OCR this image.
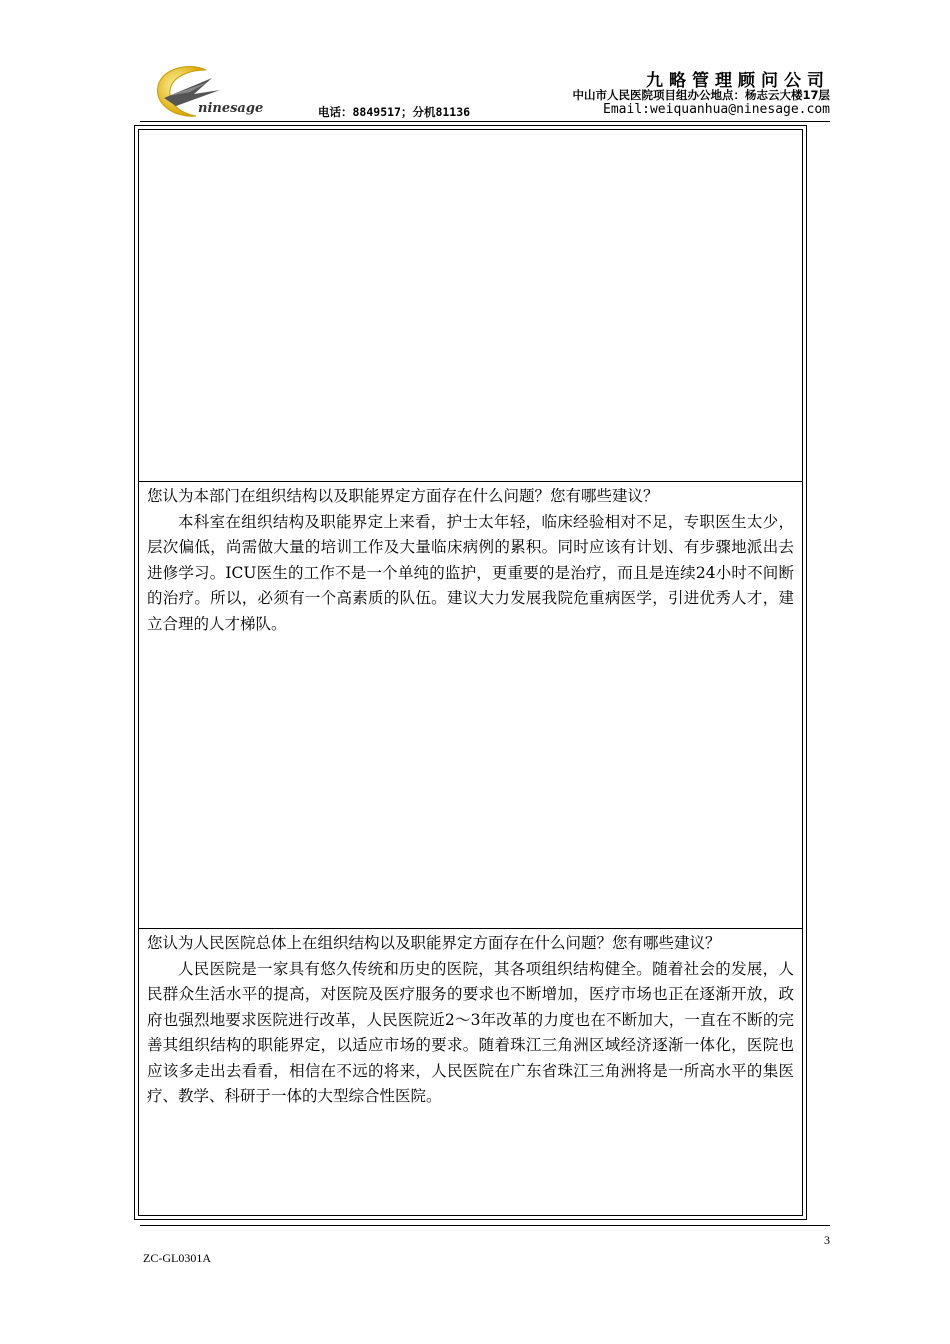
ninesage
九略管理顾问公司
中山市人民医院项目组办公地点：杨志云大楼17层
电话：8849517；分机81136	Email:weiquanhua@ninesage.com

您认为本部门在组织结构以及职能界定方面存在什么问题？您有哪些建议？

本科室在组织结构及职能界定上来看，护士太年轻，临床经验相对不足，专职医生太少，层次偏低，尚需做大量的培训工作及大量临床病例的累积。同时应该有计划、有步骤地派出去进修学习。ICU医生的工作不是一个单纯的监护，更重要的是治疗，而且是连续24小时不间断的治疗。所以，必须有一个高素质的队伍。建议大力发展我院危重病医学，引进优秀人才，建立合理的人才梯队。

您认为人民医院总体上在组织结构以及职能界定方面存在什么问题？您有哪些建议？

人民医院是一家具有悠久传统和历史的医院，其各项组织结构健全。随着社会的发展，人民群众生活水平的提高，对医院及医疗服务的要求也不断增加，医疗市场也正在逐渐开放，政府也强烈地要求医院进行改革，人民医院近2～3年改革的力度也在不断加大，一直在不断的完善其组织结构的职能界定，以适应市场的要求。随着珠江三角洲区域经济逐渐一体化，医院也应该多走出去看看，相信在不远的将来，人民医院在广东省珠江三角洲将是一所高水平的集医疗、教学、科研于一体的大型综合性医院。

3
ZC-GL0301A
